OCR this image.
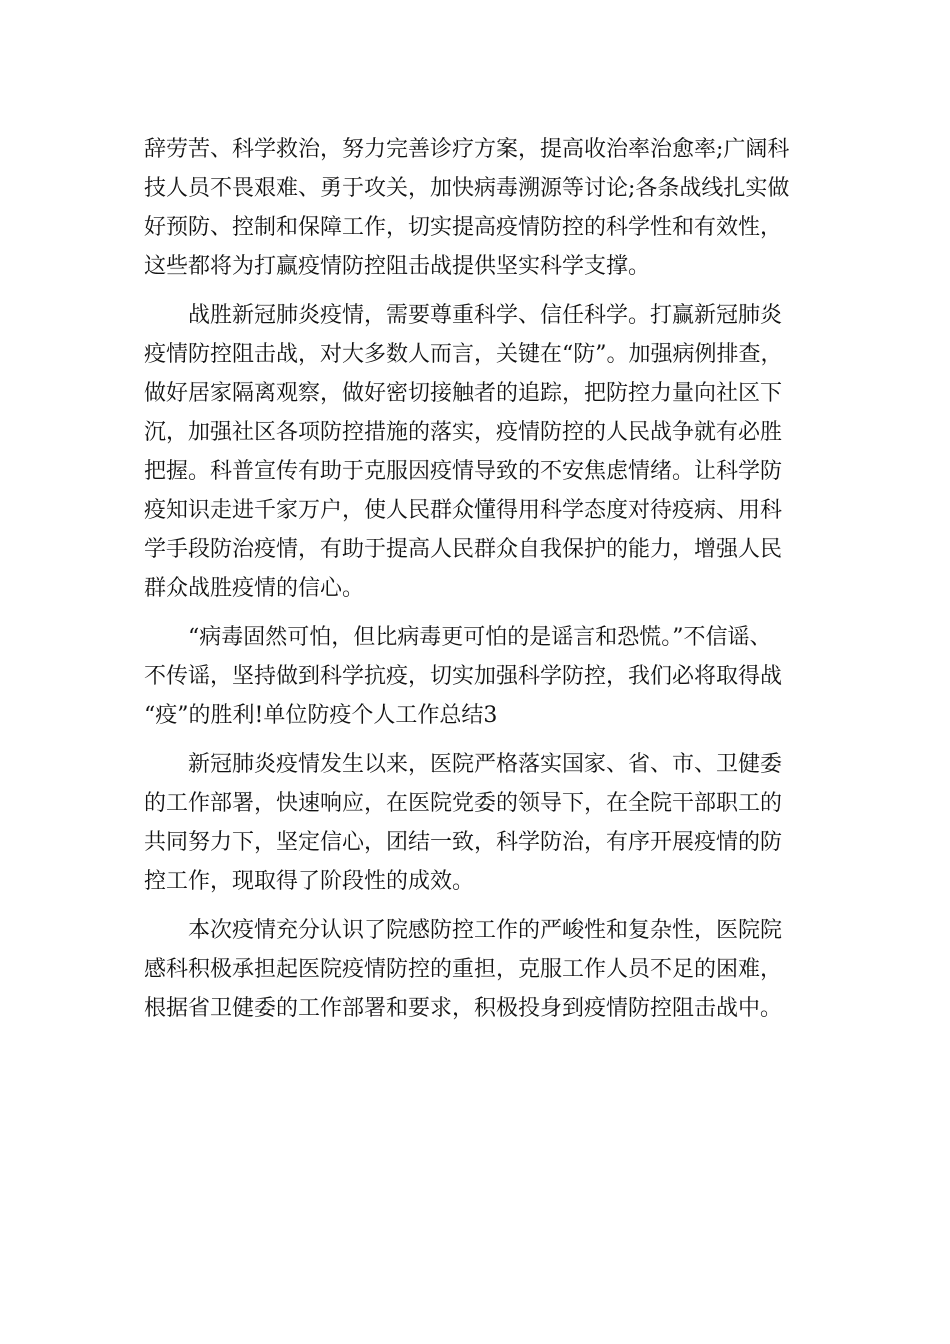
辞劳苦、科学救治，努力完善诊疗方案，提高收治率治愈率;广阔科
技人员不畏艰难、勇于攻关，加快病毒溯源等讨论;各条战线扎实做
好预防、控制和保障工作，切实提高疫情防控的科学性和有效性，
这些都将为打赢疫情防控阻击战提供坚实科学支撑。
战胜新冠肺炎疫情，需要尊重科学、信任科学。打赢新冠肺炎
疫情防控阻击战，对大多数人而言，关键在“防”。加强病例排查，
做好居家隔离观察，做好密切接触者的追踪，把防控力量向社区下
沉，加强社区各项防控措施的落实，疫情防控的人民战争就有必胜
把握。科普宣传有助于克服因疫情导致的不安焦虑情绪。让科学防
疫知识走进千家万户，使人民群众懂得用科学态度对待疫病、用科
学手段防治疫情，有助于提高人民群众自我保护的能力，增强人民
群众战胜疫情的信心。
“病毒固然可怕，但比病毒更可怕的是谣言和恐慌。”不信谣、
不传谣，坚持做到科学抗疫，切实加强科学防控，我们必将取得战
“疫”的胜利!单位防疫个人工作总结3
新冠肺炎疫情发生以来，医院严格落实国家、省、市、卫健委
的工作部署，快速响应，在医院党委的领导下，在全院干部职工的
共同努力下，坚定信心，团结一致，科学防治，有序开展疫情的防
控工作，现取得了阶段性的成效。
本次疫情充分认识了院感防控工作的严峻性和复杂性，医院院
感科积极承担起医院疫情防控的重担，克服工作人员不足的困难，
根据省卫健委的工作部署和要求，积极投身到疫情防控阻击战中。
